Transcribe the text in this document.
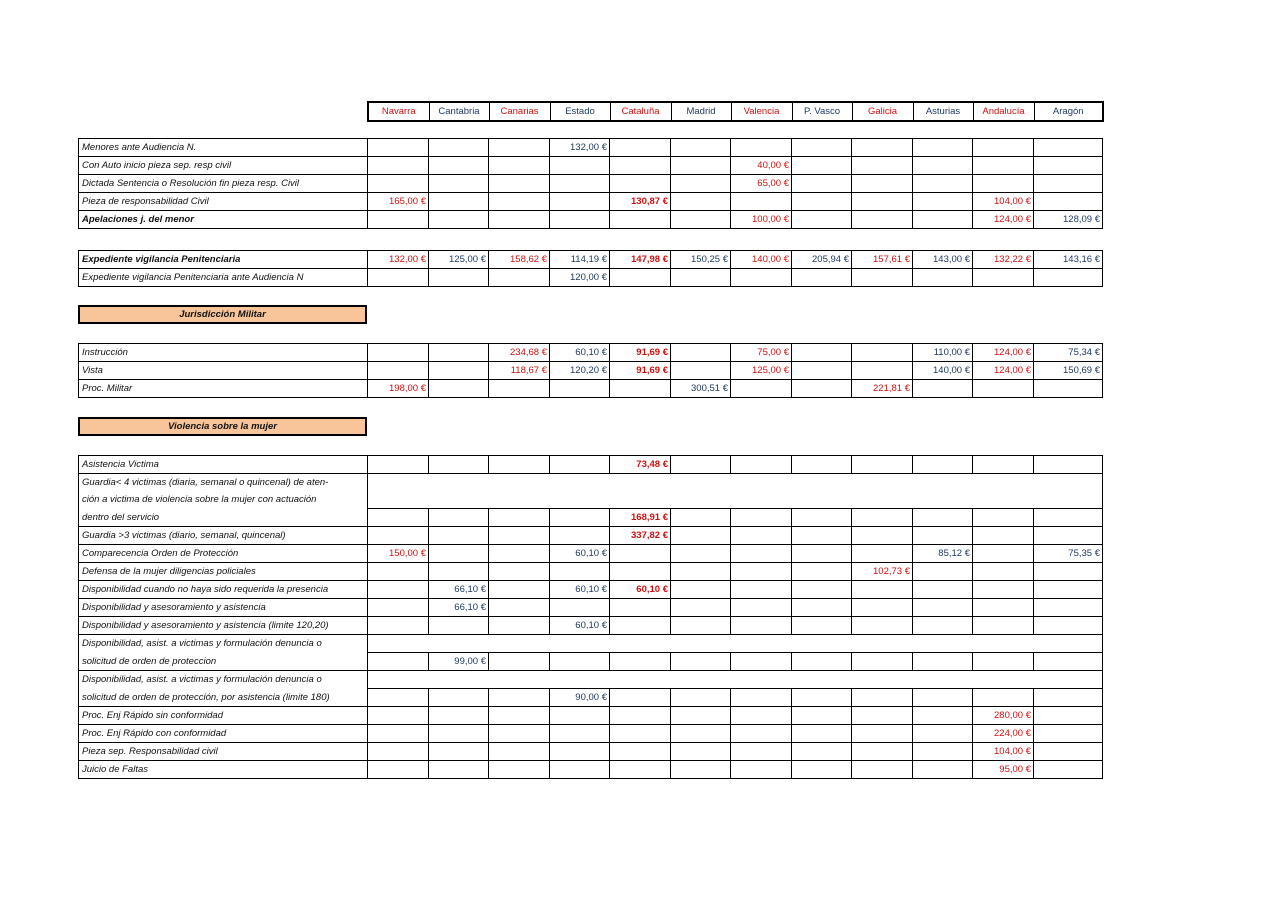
Navarra	Cantabria	Canarias	Estado	Cataluña	Madrid	Valencia	P. Vasco	Galicia	Asturias	Andalucía	Aragón
Menores ante Audiencia N.				132,00 €								
Con Auto inicio pieza sep. resp civil							40,00 €					
Dictada Sentencia o Resolución fin pieza resp. Civil							65,00 €					
Pieza de responsabilidad Civil	165,00 €				130,87 €						104,00 €	
Apelaciones j. del menor							100,00 €				124,00 €	128,09 €
Expediente vigilancia Penitenciaria	132,00 €	125,00 €	158,62 €	114,19 €	147,98 €	150,25 €	140,00 €	205,94 €	157,61 €	143,00 €	132,22 €	143,16 €
Expediente vigilancia Penitenciaria ante Audiencia N				120,00 €								
Jurisdicción Militar
Instrucción			234,68 €	60,10 €	91,69 €		75,00 €			110,00 €	124,00 €	75,34 €
Vista			118,67 €	120,20 €	91,69 €		125,00 €			140,00 €	124,00 €	150,69 €
Proc. Militar	198,00 €					300,51 €			221,81 €			
Violencia sobre la mujer
Asistencia Victima					73,48 €							
Guardia< 4 victimas (diaria, semanal o quincenal) de aten-												
ción a victima de violencia sobre la mujer con actuación												
dentro del servicio					168,91 €							
Guardia >3 victimas (diario, semanal, quincenal)					337,82 €							
Comparecencia Orden de Protección	150,00 €			60,10 €						85,12 €		75,35 €
Defensa de la mujer diligencias policiales									102,73 €			
Disponibilidad cuando no haya sido requerida la presencia		66,10 €		60,10 €	60,10 €							
Disponibilidad y asesoramiento y asistencia		66,10 €										
Disponibilidad y asesoramiento y asistencia (limite 120,20)				60,10 €								
Disponibilidad, asist. a victimas y formulación denuncia o												
solicitud de orden de proteccion		99,00 €										
Disponibilidad, asist. a victimas y formulación denuncia o												
solicitud de orden de protección, por asistencia (limite 180)				90,00 €								
Proc. Enj Rápido sin conformidad											280,00 €	
Proc. Enj Rápido con conformidad											224,00 €	
Pieza sep. Responsabilidad civil											104,00 €	
Juicio de Faltas											95,00 €	
